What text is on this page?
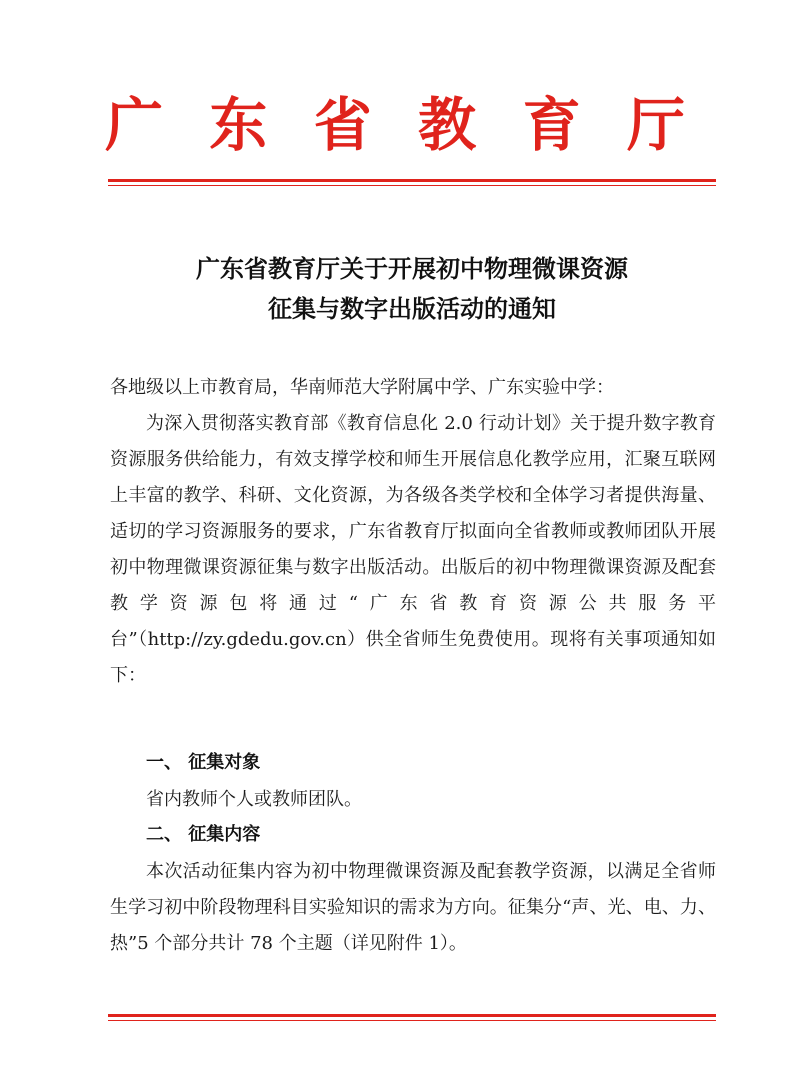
广 东 省 教 育 厅
广东省教育厅关于开展初中物理微课资源
征集与数字出版活动的通知
各地级以上市教育局，华南师范大学附属中学、广东实验中学：
为深入贯彻落实教育部《教育信息化 2.0 行动计划》关于提升数字教育资源服务供给能力，有效支撑学校和师生开展信息化教学应用，汇聚互联网上丰富的教学、科研、文化资源，为各级各类学校和全体学习者提供海量、适切的学习资源服务的要求，广东省教育厅拟面向全省教师或教师团队开展初中物理微课资源征集与数字出版活动。出版后的初中物理微课资源及配套教学资源包将通过“广东省教育资源公共服务平台”（http://zy.gdedu.gov.cn）供全省师生免费使用。现将有关事项通知如下：
一、 征集对象
省内教师个人或教师团队。
二、 征集内容
本次活动征集内容为初中物理微课资源及配套教学资源，以满足全省师生学习初中阶段物理科目实验知识的需求为方向。征集分“声、光、电、力、热”5 个部分共计 78 个主题（详见附件 1）。
